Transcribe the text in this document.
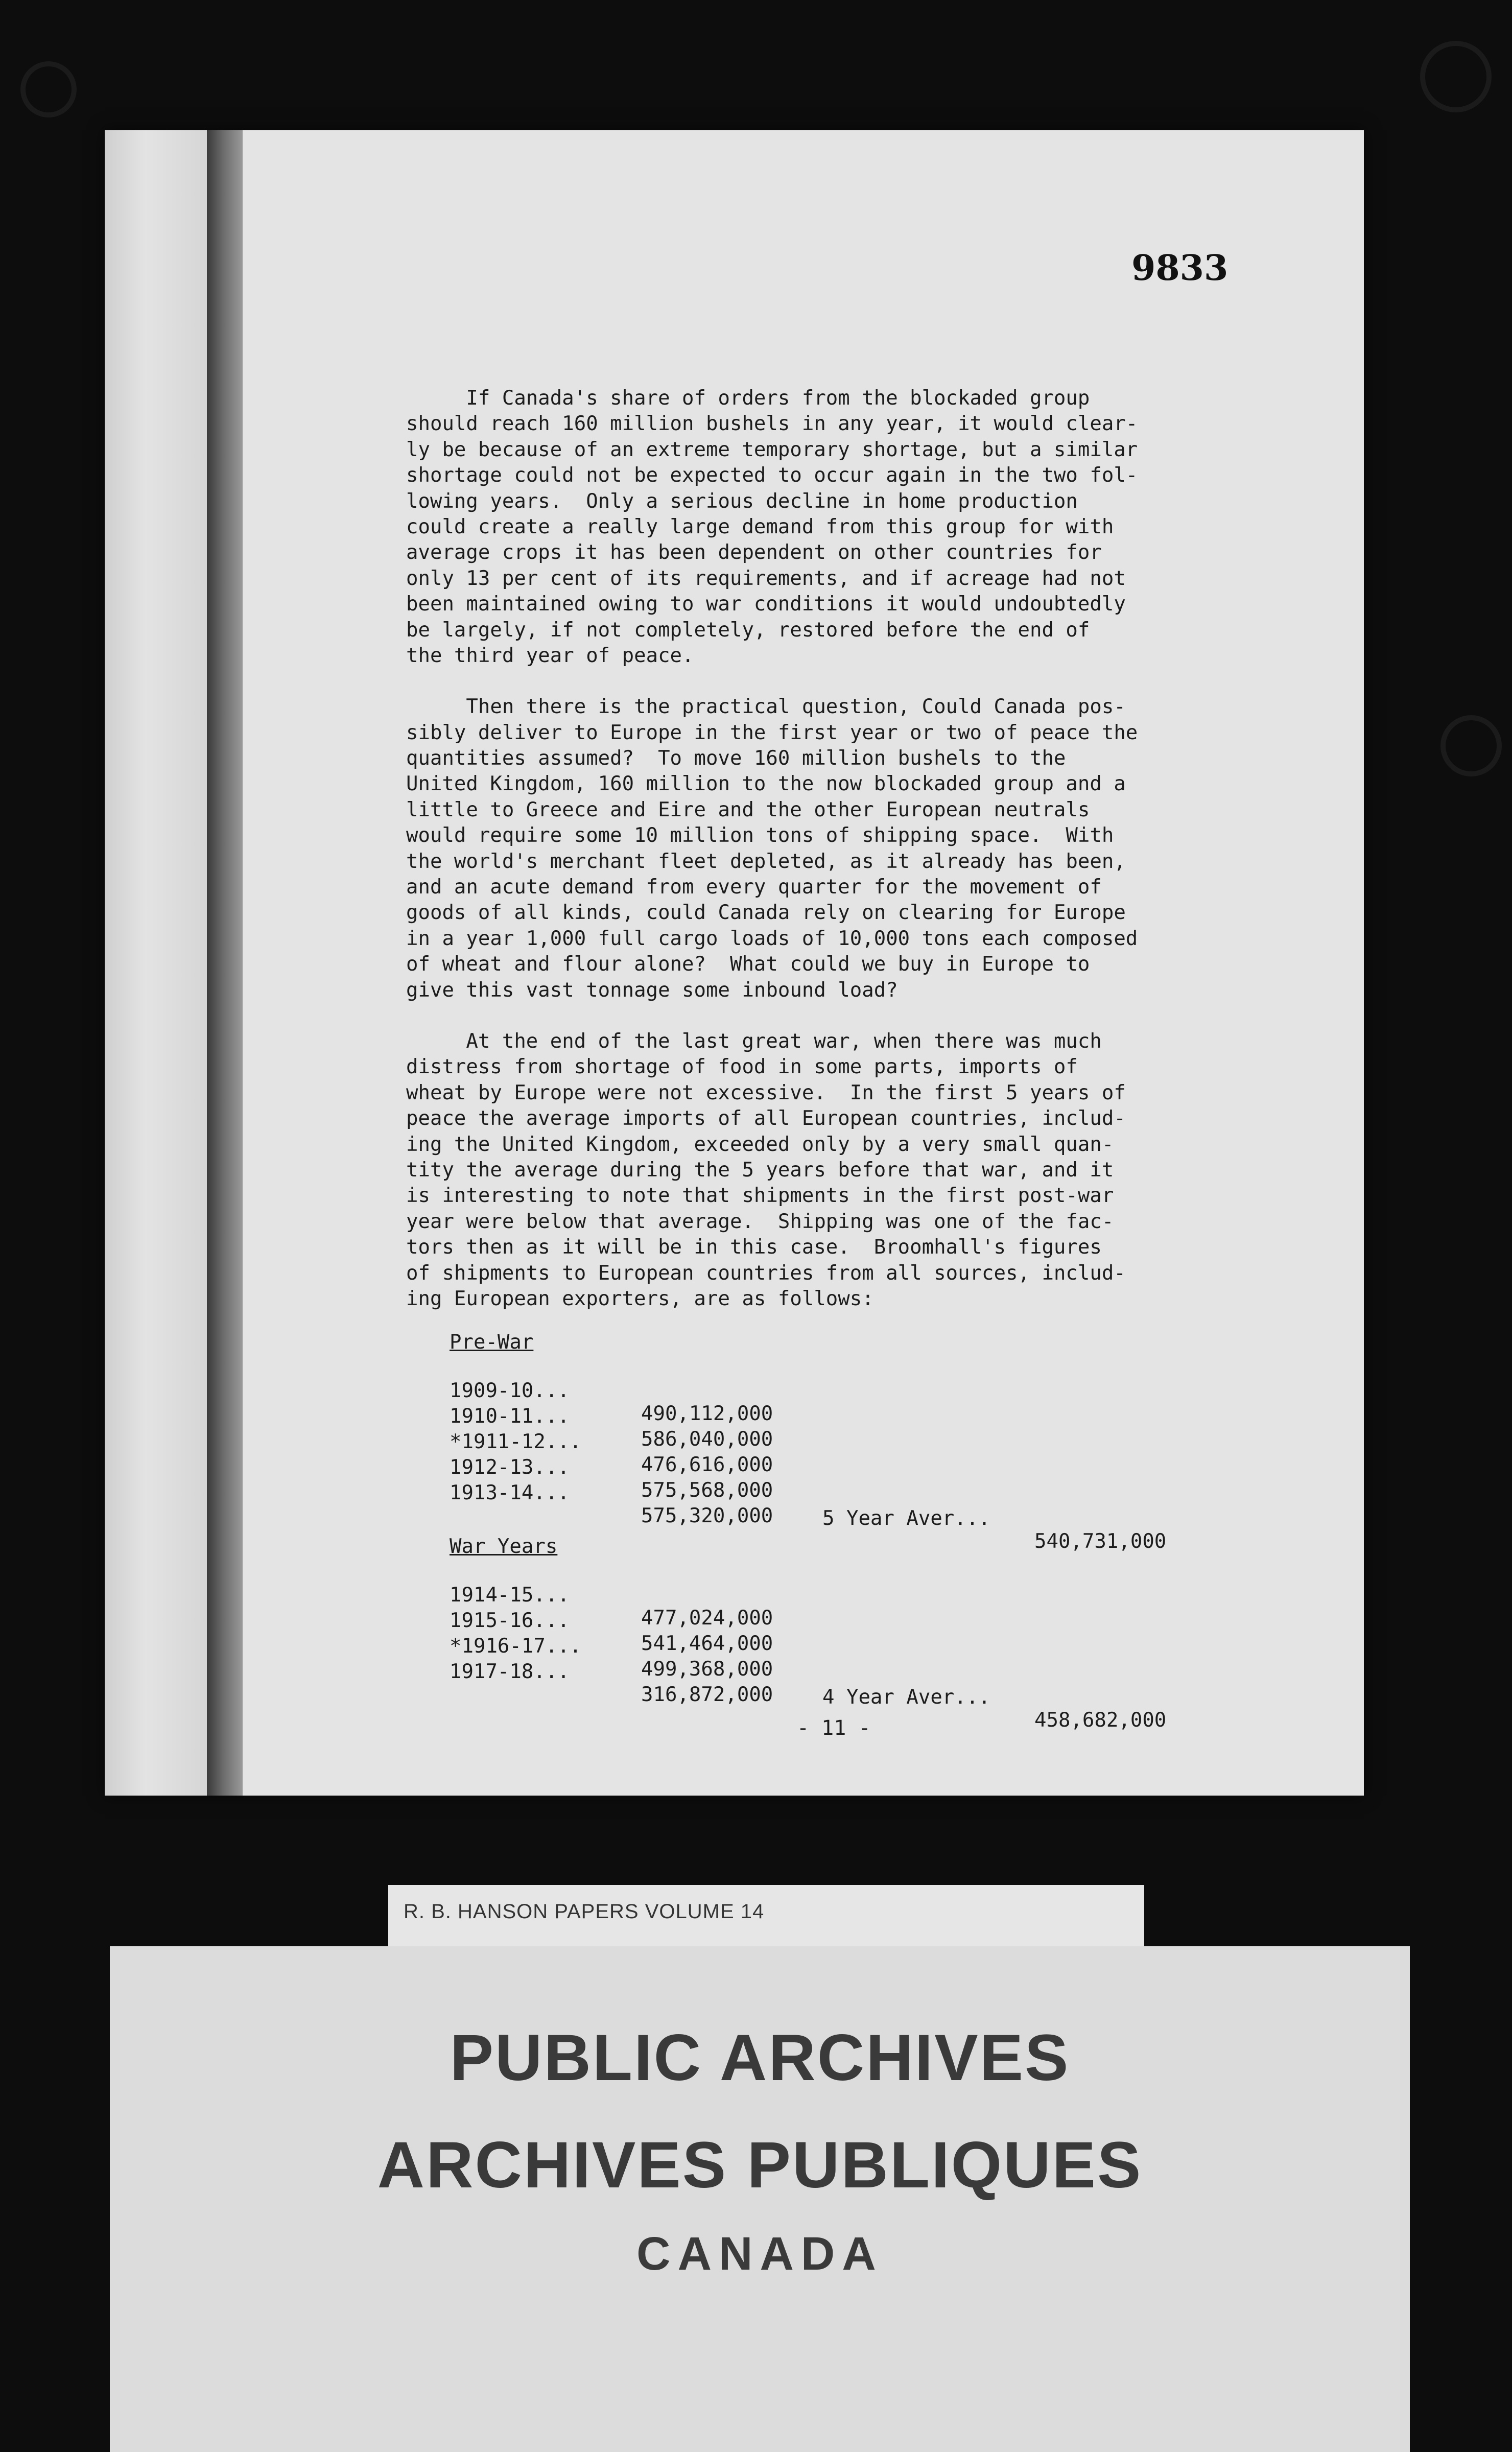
9833
If Canada's share of orders from the blockaded group
should reach 160 million bushels in any year, it would clear-
ly be because of an extreme temporary shortage, but a similar
shortage could not be expected to occur again in the two fol-
lowing years.  Only a serious decline in home production
could create a really large demand from this group for with
average crops it has been dependent on other countries for
only 13 per cent of its requirements, and if acreage had not
been maintained owing to war conditions it would undoubtedly
be largely, if not completely, restored before the end of
the third year of peace.
Then there is the practical question, Could Canada pos-
sibly deliver to Europe in the first year or two of peace the
quantities assumed?  To move 160 million bushels to the
United Kingdom, 160 million to the now blockaded group and a
little to Greece and Eire and the other European neutrals
would require some 10 million tons of shipping space.  With
the world's merchant fleet depleted, as it already has been,
and an acute demand from every quarter for the movement of
goods of all kinds, could Canada rely on clearing for Europe
in a year 1,000 full cargo loads of 10,000 tons each composed
of wheat and flour alone?  What could we buy in Europe to
give this vast tonnage some inbound load?
At the end of the last great war, when there was much
distress from shortage of food in some parts, imports of
wheat by Europe were not excessive.  In the first 5 years of
peace the average imports of all European countries, includ-
ing the United Kingdom, exceeded only by a very small quan-
tity the average during the 5 years before that war, and it
is interesting to note that shipments in the first post-war
year were below that average.  Shipping was one of the fac-
tors then as it will be in this case.  Broomhall's figures
of shipments to European countries from all sources, includ-
ing European exporters, are as follows:
Pre-War

1909-10...

490,112,000

1910-11...

586,040,000

*1911-12...

476,616,000

1912-13...

575,568,000

1913-14...

575,320,000

5 Year Aver...

540,731,000

War Years

1914-15...

477,024,000

1915-16...

541,464,000

*1916-17...

499,368,000

1917-18...

316,872,000

4 Year Aver...

458,682,000

- 11 -
R. B. HANSON PAPERS VOLUME 14
PUBLIC ARCHIVES
ARCHIVES PUBLIQUES
CANADA
